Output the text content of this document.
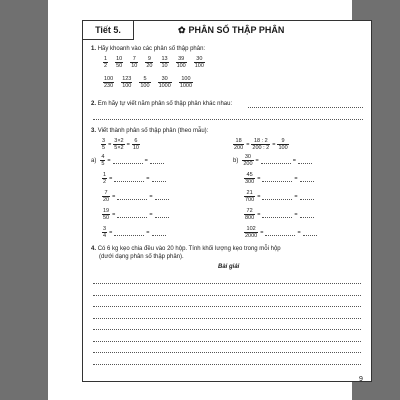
Tiết 5.	✿ PHÂN SỐ THẬP PHÂN
1. Hãy khoanh vào các phân số thập phân:
$\frac{1}{2} \frac{10}{50} \frac{7}{10} \frac{9}{20} \frac{13}{10} \frac{39}{100} \frac{30}{100}$
$\frac{100}{230} \frac{123}{100} \frac{5}{100} \frac{30}{1000} \frac{100}{1000}$
2. Em hãy tự viết năm phân số thập phân khác nhau:
3. Viết thành phân số thập phân (theo mẫu):
$\frac{3}{5} = \frac{3\times 2}{5\times 2} = \frac{6}{10}$	$\frac{18}{200} = \frac{18 : 2}{200 : 2} = \frac{9}{100}$
$a) \frac{4}{5}$ =	=
$\frac{1}{2}$ =	=
$\frac{7}{20}$ =	=
$\frac{19}{50}$ =	=
$\frac{3}{4}$ =	=
$b) \frac{30}{200}$ =	=
$\frac{45}{300}$ =	=
$\frac{21}{700}$ =	=
$\frac{72}{800}$ =	=
$\frac{102}{2000}$ =	=
4. Có 6 kg kẹo chia đều vào 20 hộp. Tính khối lượng kẹo trong mỗi hộp
(dưới dạng phân số thập phân).
Bài giải
9
